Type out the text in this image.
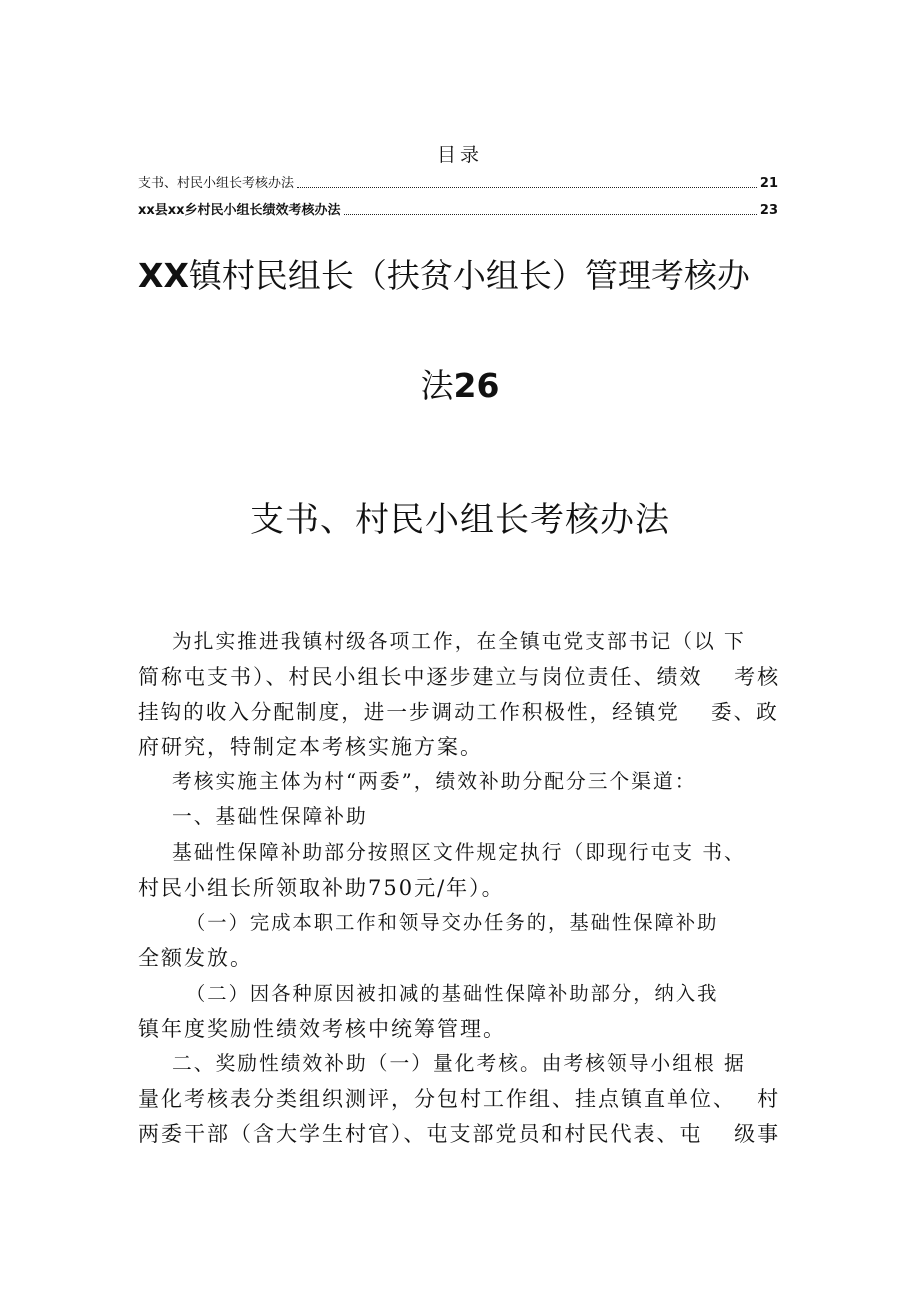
目录
支书、村民小组长考核办法	21
xx县xx乡村民小组长绩效考核办法	23
XX镇村民组长（扶贫小组长）管理考核办
法26
支书、村民小组长考核办法
为扎实推进我镇村级各项工作，在全镇屯党支部书记（以 下
简称屯支书）、村民小组长中逐步建立与岗位责任、绩效　 考核
挂钩的收入分配制度，进一步调动工作积极性，经镇党　 委、政
府研究，特制定本考核实施方案。
考核实施主体为村“两委”，绩效补助分配分三个渠道：
一、基础性保障补助
基础性保障补助部分按照区文件规定执行（即现行屯支 书、
村民小组长所领取补助750元/年）。
（一）完成本职工作和领导交办任务的，基础性保障补助
全额发放。
（二）因各种原因被扣减的基础性保障补助部分，纳入我
镇年度奖励性绩效考核中统筹管理。
二、奖励性绩效补助（一）量化考核。由考核领导小组根 据
量化考核表分类组织测评，分包村工作组、挂点镇直单位、　 村
两委干部（含大学生村官）、屯支部党员和村民代表、屯　 级事
